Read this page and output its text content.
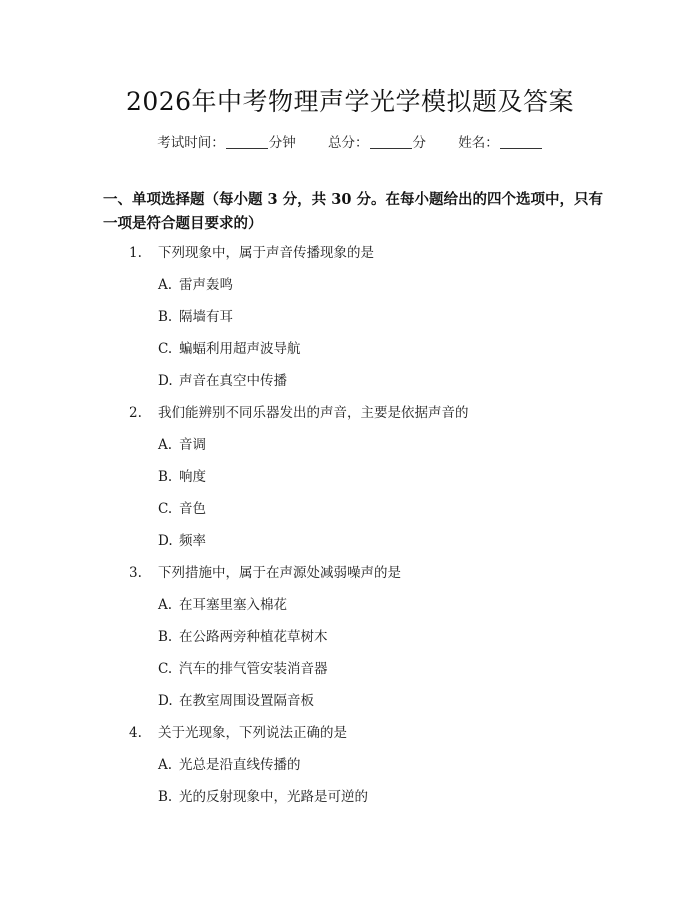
2026年中考物理声学光学模拟题及答案
考试时间：	分钟 总分：	分 姓名：
一、单项选择题（每小题 3 分，共 30 分。在每小题给出的四个选项中，只有一项是符合题目要求的）
1. 下列现象中，属于声音传播现象的是
A. 雷声轰鸣
B. 隔墙有耳
C. 蝙蝠利用超声波导航
D. 声音在真空中传播
2. 我们能辨别不同乐器发出的声音，主要是依据声音的
A. 音调
B. 响度
C. 音色
D. 频率
3. 下列措施中，属于在声源处减弱噪声的是
A. 在耳塞里塞入棉花
B. 在公路两旁种植花草树木
C. 汽车的排气管安装消音器
D. 在教室周围设置隔音板
4. 关于光现象，下列说法正确的是
A. 光总是沿直线传播的
B. 光的反射现象中，光路是可逆的
